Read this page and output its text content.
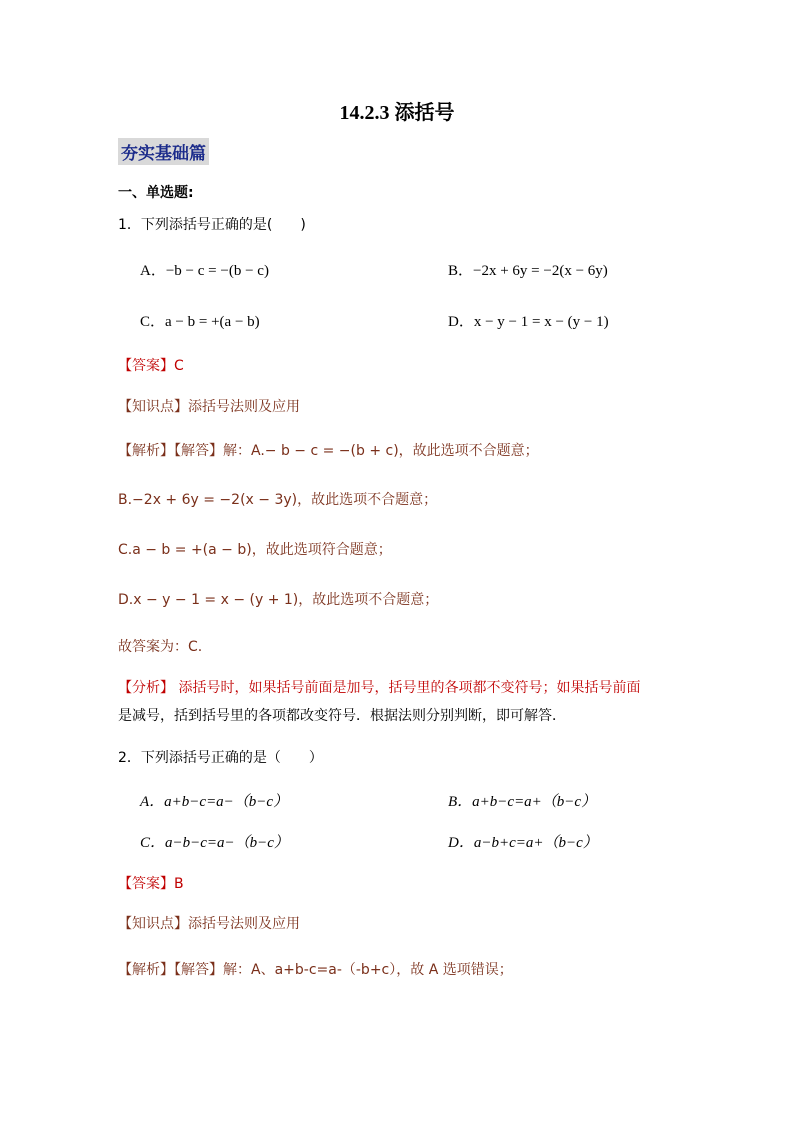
14.2.3 添括号
夯实基础篇
一、单选题:
1．下列添括号正确的是(　　)
A．−b − c = −(b − c)	B．−2x + 6y = −2(x − 6y)
C．a − b = +(a − b)	D．x − y − 1 = x − (y − 1)
【答案】C
【知识点】添括号法则及应用
【解析】【解答】解：A.− b − c = −(b + c)，故此选项不合题意；
B.−2x + 6y = −2(x − 3y)，故此选项不合题意；
C.a − b = +(a − b)，故此选项符合题意；
D.x − y − 1 = x − (y + 1)，故此选项不合题意；
故答案为：C.
【分析】 添括号时，如果括号前面是加号，括号里的各项都不变符号；如果括号前面
是减号，括到括号里的各项都改变符号．根据法则分别判断，即可解答．
2．下列添括号正确的是（　　）
A．a+b−c=a−（b−c）	B．a+b−c=a+（b−c）
C．a−b−c=a−（b−c）	D．a−b+c=a+（b−c）
【答案】B
【知识点】添括号法则及应用
【解析】【解答】解：A、a+b-c=a-（-b+c），故 A 选项错误；
